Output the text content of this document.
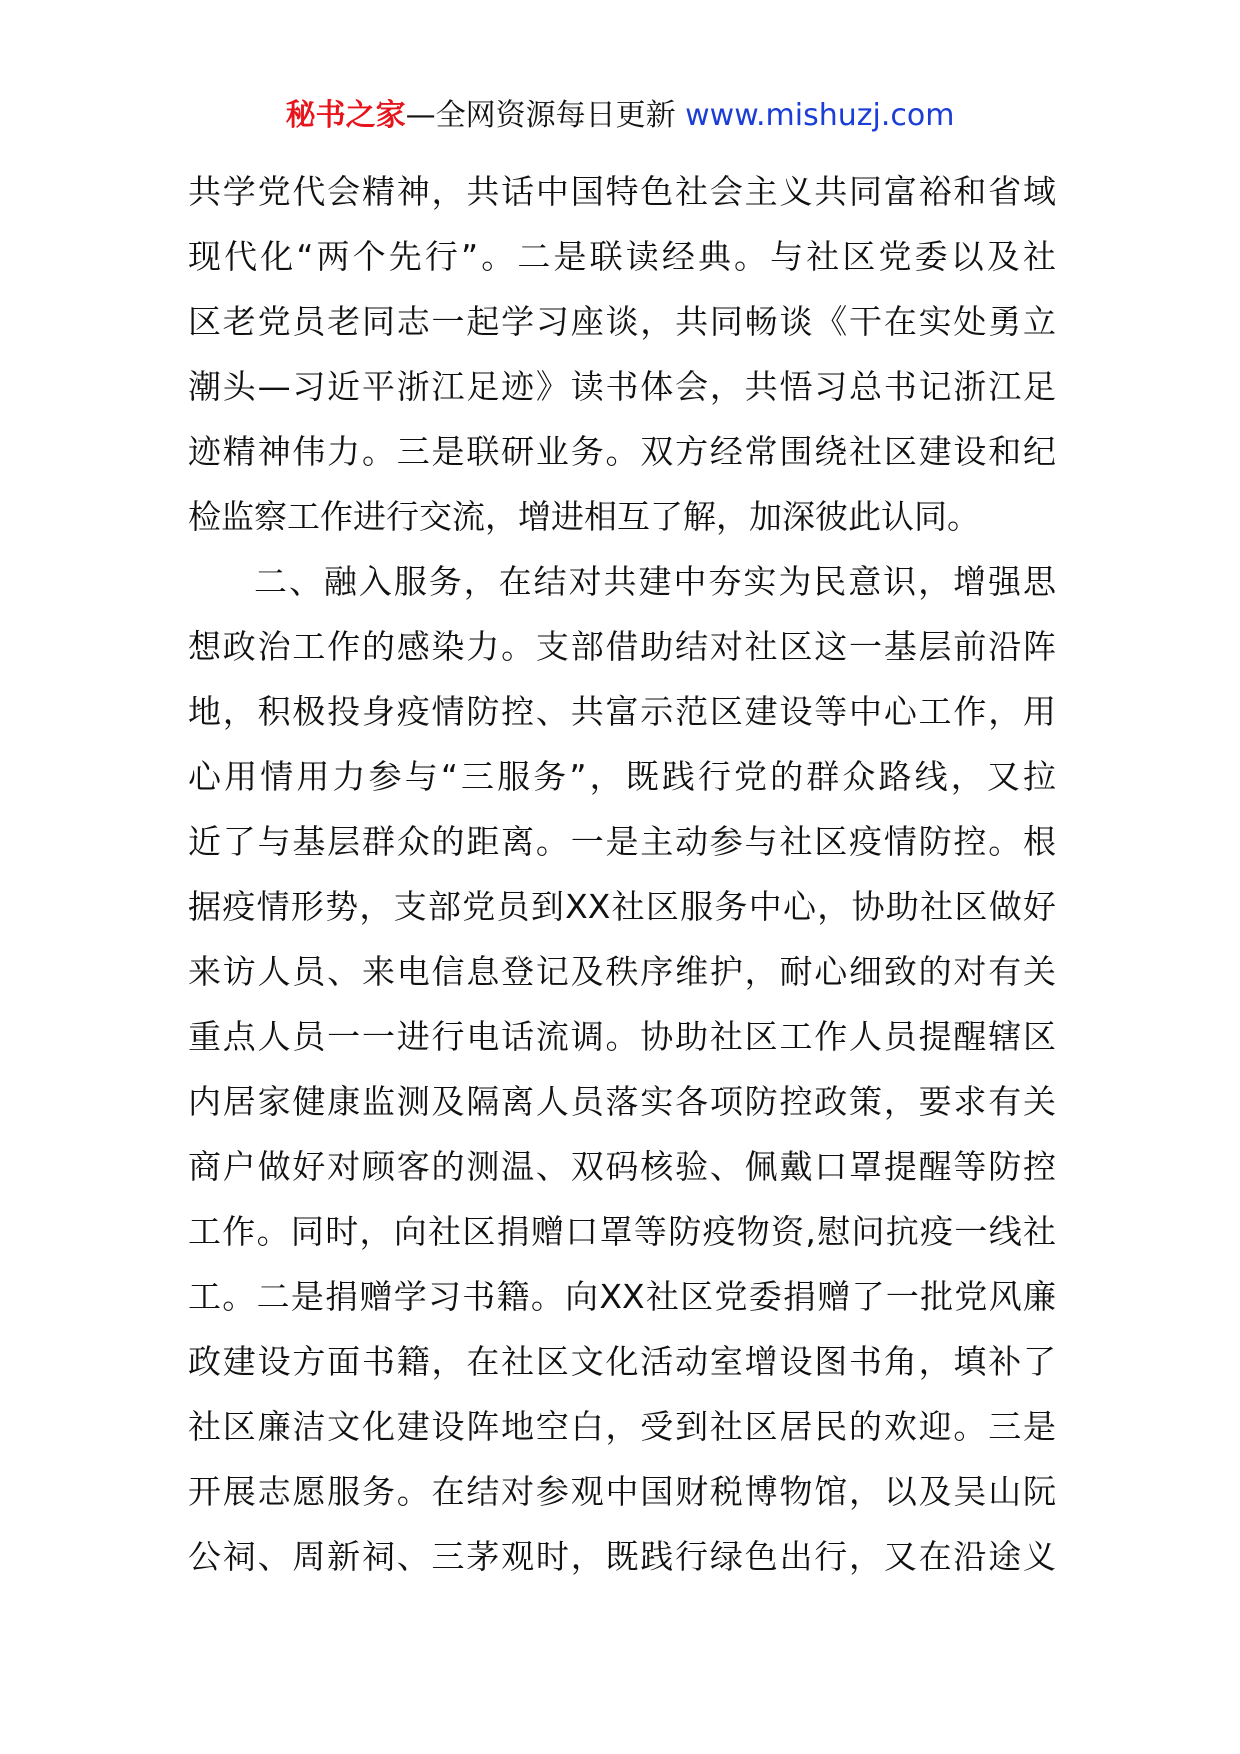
秘书之家—全网资源每日更新 www.mishuzj.com
共学党代会精神，共话中国特色社会主义共同富裕和省域
现代化“两个先行”。二是联读经典。与社区党委以及社
区老党员老同志一起学习座谈，共同畅谈《干在实处勇立
潮头—习近平浙江足迹》读书体会，共悟习总书记浙江足
迹精神伟力。三是联研业务。双方经常围绕社区建设和纪
检监察工作进行交流，增进相互了解，加深彼此认同。
二、融入服务，在结对共建中夯实为民意识，增强思
想政治工作的感染力。支部借助结对社区这一基层前沿阵
地，积极投身疫情防控、共富示范区建设等中心工作，用
心用情用力参与“三服务”，既践行党的群众路线，又拉
近了与基层群众的距离。一是主动参与社区疫情防控。根
据疫情形势，支部党员到XX社区服务中心，协助社区做好
来访人员、来电信息登记及秩序维护，耐心细致的对有关
重点人员一一进行电话流调。协助社区工作人员提醒辖区
内居家健康监测及隔离人员落实各项防控政策，要求有关
商户做好对顾客的测温、双码核验、佩戴口罩提醒等防控
工作。同时，向社区捐赠口罩等防疫物资,慰问抗疫一线社
工。二是捐赠学习书籍。向XX社区党委捐赠了一批党风廉
政建设方面书籍，在社区文化活动室增设图书角，填补了
社区廉洁文化建设阵地空白，受到社区居民的欢迎。三是
开展志愿服务。在结对参观中国财税博物馆，以及吴山阮
公祠、周新祠、三茅观时，既践行绿色出行，又在沿途义
